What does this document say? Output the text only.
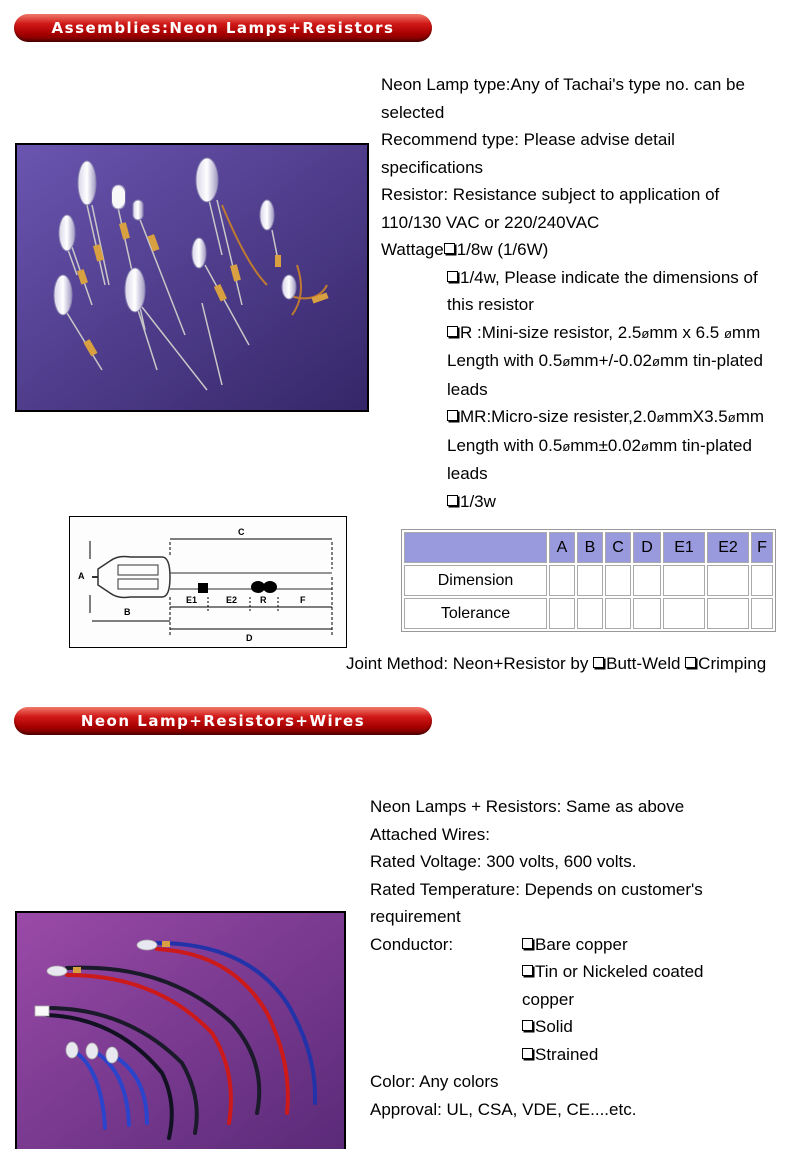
Assemblies:Neon Lamps+Resistors
Neon Lamp type:Any of Tachai's type no. can be
selected
Recommend type: Please advise detail
specifications
Resistor: Resistance subject to application of
110/130 VAC or 220/240VAC
Wattage 1/8w (1/6W)
1/4w, Please indicate the dimensions of
this resistor
R :Mini-size resistor, 2.5ømm x 6.5 ømm
Length with 0.5ømm+/-0.02ømm tin-plated
leads
MR:Micro-size resister,2.0ømmX3.5ømm
Length with 0.5ømm±0.02ømm tin-plated
leads
1/3w
A
C
B
E1	E2	R	F
D
	A	B	C	D	E1	E2	F
Dimension							
Tolerance							
Joint Method: Neon+Resistor by Butt-Weld Crimping
Neon Lamp+Resistors+Wires
Neon Lamps + Resistors: Same as above
Attached Wires:
Rated Voltage: 300 volts, 600 volts.
Rated Temperature: Depends on customer's
requirement
Conductor:	Bare copper
Tin or Nickeled coated
copper
Solid
Strained
Color: Any colors
Approval: UL, CSA, VDE, CE....etc.
